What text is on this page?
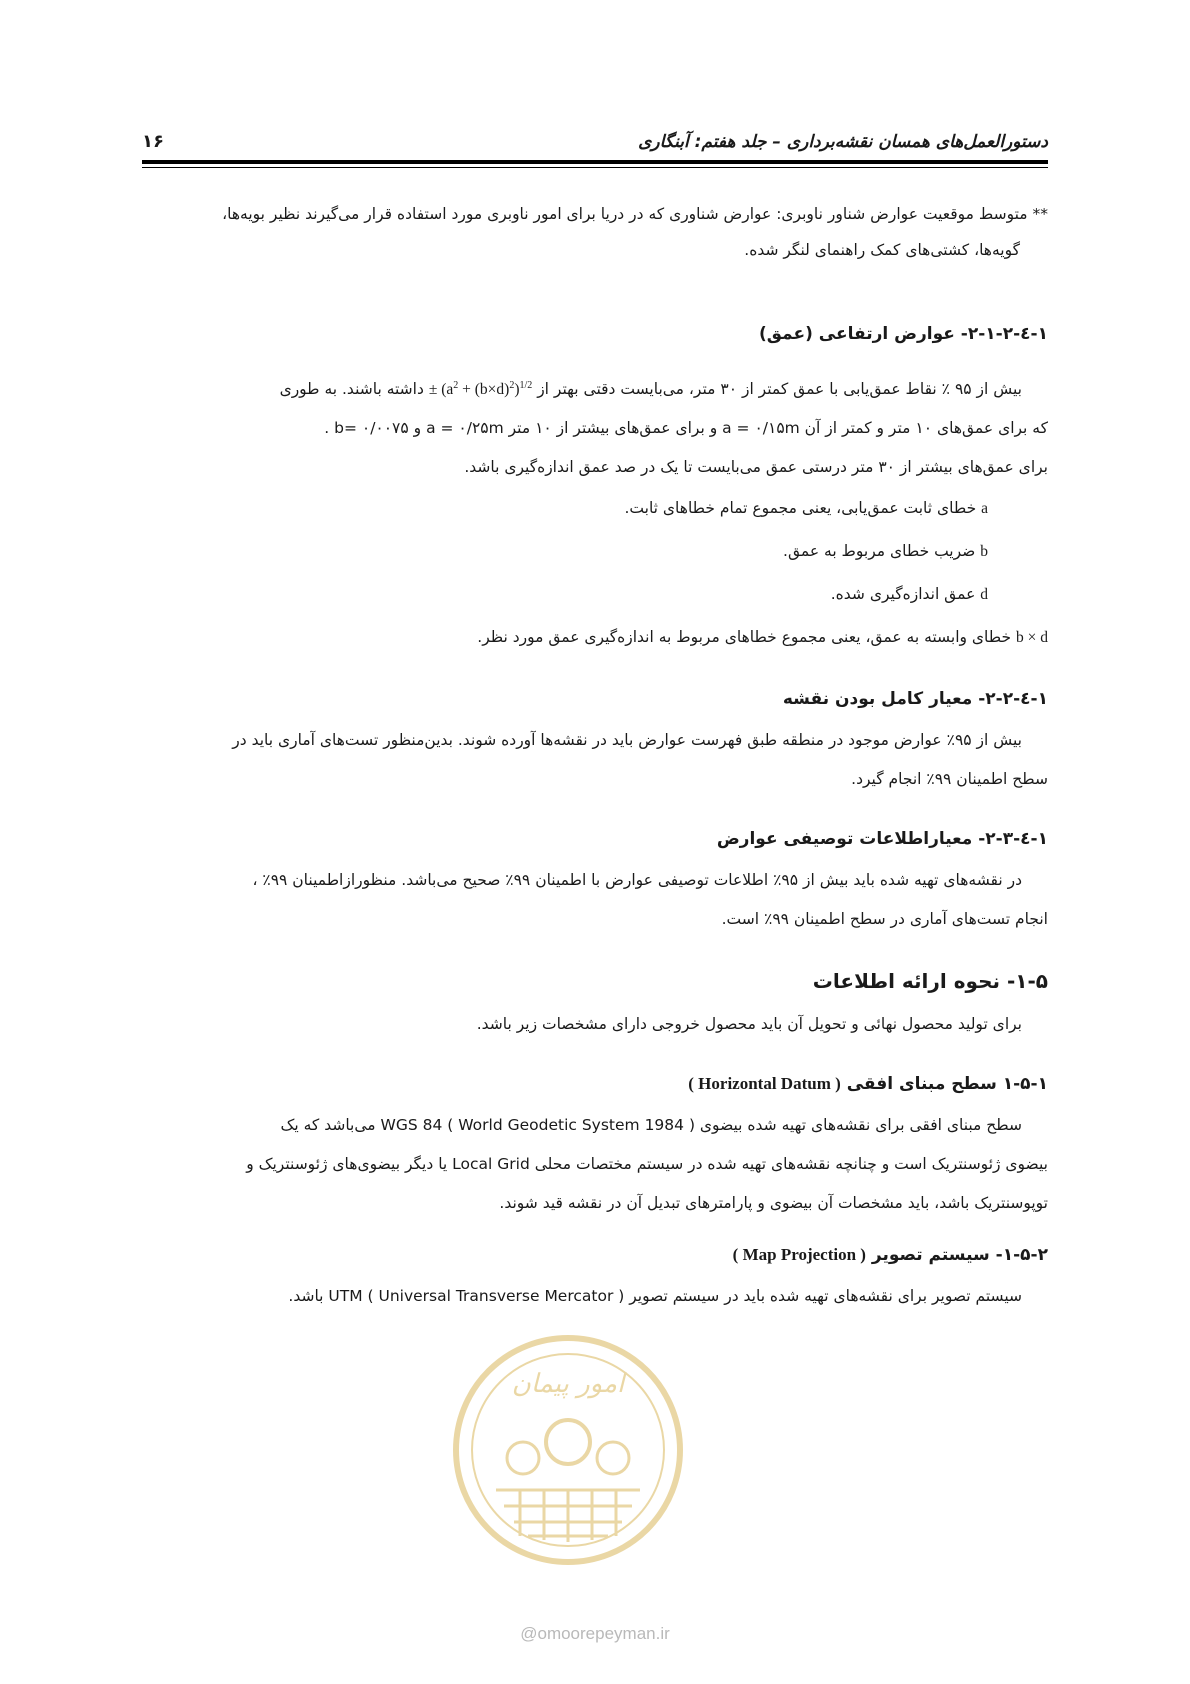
۱۶	دستورالعمل‌های همسان نقشه‌برداری – جلد هفتم: آبنگاری

** متوسط موقعیت عوارض شناور ناوبری: عوارض شناوری که در دریا برای امور ناوبری مورد استفاده قرار می‌گیرند نظیر بویه‌ها،

گویه‌ها، کشتی‌های کمک راهنمای لنگر شده.

۱-٤-۲-۱-۲- عوارض ارتفاعی (عمق)

بیش از ۹۵ ٪ نقاط عمق‌یابی با عمق کمتر از ۳۰ متر، می‌بایست دقتی بهتر از ± $(a^2 + (b\times d)^2)^{1/2}$ داشته باشند. به طوری

که برای عمق‌های ۱۰ متر و کمتر از آن a = ۰/۱۵m و برای عمق‌های بیشتر از ۱۰ متر a = ۰/۲۵m و b= ۰/۰۰۷۵ .

برای عمق‌های بیشتر از ۳۰ متر درستی عمق می‌بایست تا یک در صد عمق اندازه‌گیری باشد.

a خطای ثابت عمق‌یابی، یعنی مجموع تمام خطاهای ثابت.

b ضریب خطای مربوط به عمق.

d عمق اندازه‌گیری شده.

b × d خطای وابسته به عمق، یعنی مجموع خطاهای مربوط به اندازه‌گیری عمق مورد نظر.

۱-٤-۲-۲- معیار کامل بودن نقشه

بیش از ۹۵٪ عوارض موجود در منطقه طبق فهرست عوارض باید در نقشه‌ها آورده شوند. بدین‌منظور تست‌های آماری باید در

سطح اطمینان ۹۹٪ انجام گیرد.

۱-٤-۲-۳- معیاراطلاعات توصیفی عوارض

در نقشه‌های تهیه شده باید بیش از ۹۵٪ اطلاعات توصیفی عوارض با اطمینان ۹۹٪ صحیح می‌باشد. منظورازاطمینان ۹۹٪ ،

انجام تست‌های آماری در سطح اطمینان ۹۹٪ است.

۱-۵- نحوه ارائه اطلاعات

برای تولید محصول نهائی و تحویل آن باید محصول خروجی دارای مشخصات زیر باشد.

۱-۵-۱ سطح مبنای افقی ( Horizontal Datum )

سطح مبنای افقی برای نقشه‌های تهیه شده بیضوی WGS 84 ( World Geodetic System 1984 ) می‌باشد که یک

بیضوی ژئوسنتریک است و چنانچه نقشه‌های تهیه شده در سیستم مختصات محلی Local Grid یا دیگر بیضوی‌های ژئوسنتریک و

توپوسنتریک باشد، باید مشخصات آن بیضوی و پارامترهای تبدیل آن در نقشه قید شوند.

۱-۵-۲- سیستم تصویر ( Map Projection )

سیستم تصویر برای نقشه‌های تهیه شده باید در سیستم تصویر UTM ( Universal Transverse Mercator ) باشد.

امور پیمان
@omoorepeyman.ir
